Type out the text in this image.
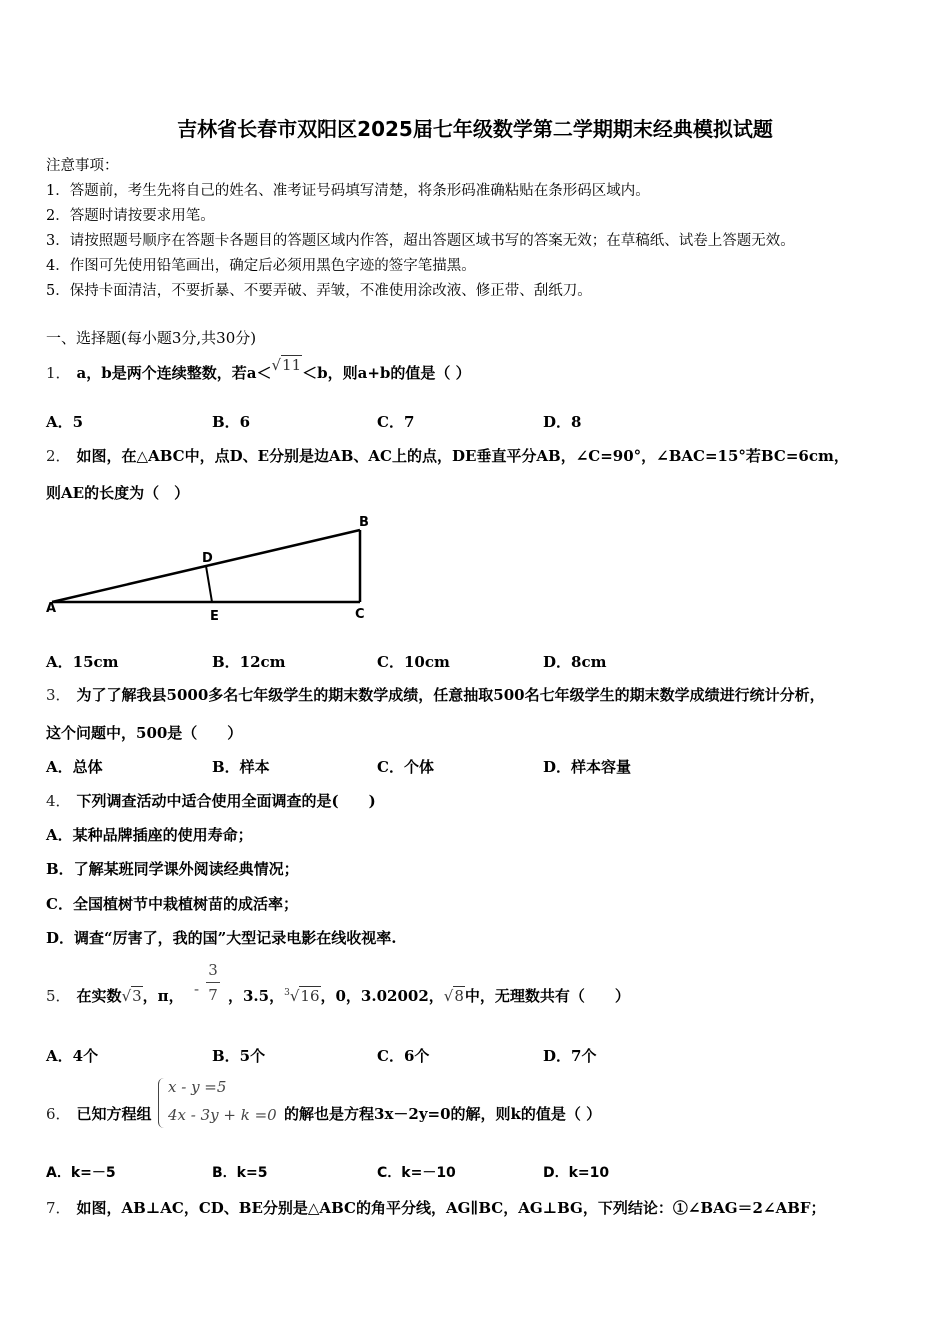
吉林省长春市双阳区2025届七年级数学第二学期期末经典模拟试题
注意事项：
1．答题前，考生先将自己的姓名、准考证号码填写清楚，将条形码准确粘贴在条形码区域内。
2．答题时请按要求用笔。
3．请按照题号顺序在答题卡各题目的答题区域内作答，超出答题区域书写的答案无效；在草稿纸、试卷上答题无效。
4．作图可先使用铅笔画出，确定后必须用黑色字迹的签字笔描黑。
5．保持卡面清洁，不要折暴、不要弄破、弄皱，不准使用涂改液、修正带、刮纸刀。
一、选择题(每小题3分,共30分)
1． a，b是两个连续整数，若a＜√11＜b，则a+b的值是（ ）
A．5	B．6	C．7	D．8
2． 如图，在△ABC中，点D、E分别是边AB、AC上的点，DE垂直平分AB，∠C=90°，∠BAC=15°若BC=6cm，
则AE的长度为（　）
A
B
C
D
E
A．15cm	B．12cm	C．10cm	D．8cm
3． 为了了解我县5000多名七年级学生的期末数学成绩，任意抽取500名七年级学生的期末数学成绩进行统计分析，
这个问题中，500是（　　）
A．总体	B．样本	C．个体	D．样本容量
4． 下列调查活动中适合使用全面调查的是(　　)
A．某种品牌插座的使用寿命；
B．了解某班同学课外阅读经典情况；
C．全国植树节中栽植树苗的成活率；
D．调查“厉害了，我的国”大型记录电影在线收视率.
5． 在实数√3，π， - $\frac{3}{7}$ ，3.5，$^3$√16，0，3.02002，√8中，无理数共有（　　）
A．4个	B．5个	C．6个	D．7个
6． 已知方程组
x - y =5
4x - 3y + k =0 的解也是方程3x－2y=0的解，则k的值是（ ）
A．k=－5	B．k=5	C．k=－10	D．k=10
7． 如图，AB⊥AC，CD、BE分别是△ABC的角平分线，AG∥BC，AG⊥BG，下列结论：①∠BAG＝2∠ABF；
